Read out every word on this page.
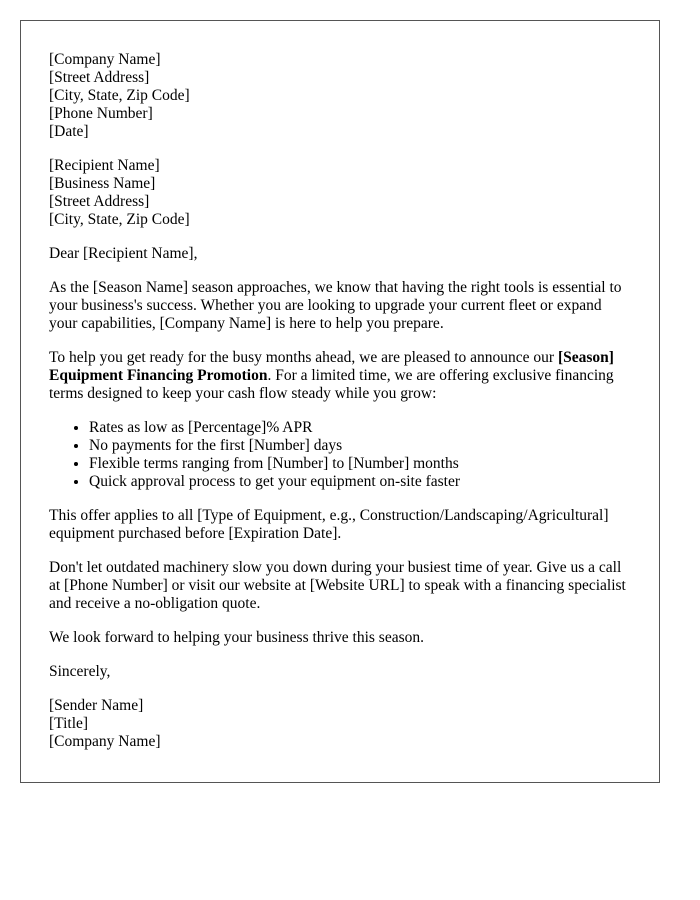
[Company Name]
[Street Address]
[City, State, Zip Code]
[Phone Number]
[Date]
[Recipient Name]
[Business Name]
[Street Address]
[City, State, Zip Code]

Dear [Recipient Name],

As the [Season Name] season approaches, we know that having the right tools is essential to your business's success. Whether you are looking to upgrade your current fleet or expand your capabilities, [Company Name] is here to help you prepare.

To help you get ready for the busy months ahead, we are pleased to announce our [Season] Equipment Financing Promotion. For a limited time, we are offering exclusive financing terms designed to keep your cash flow steady while you grow:

• Rates as low as [Percentage]% APR
• No payments for the first [Number] days
• Flexible terms ranging from [Number] to [Number] months
• Quick approval process to get your equipment on-site faster

This offer applies to all [Type of Equipment, e.g., Construction/Landscaping/Agricultural] equipment purchased before [Expiration Date].

Don't let outdated machinery slow you down during your busiest time of year. Give us a call at [Phone Number] or visit our website at [Website URL] to speak with a financing specialist and receive a no-obligation quote.

We look forward to helping your business thrive this season.

Sincerely,

[Sender Name]
[Title]
[Company Name]
